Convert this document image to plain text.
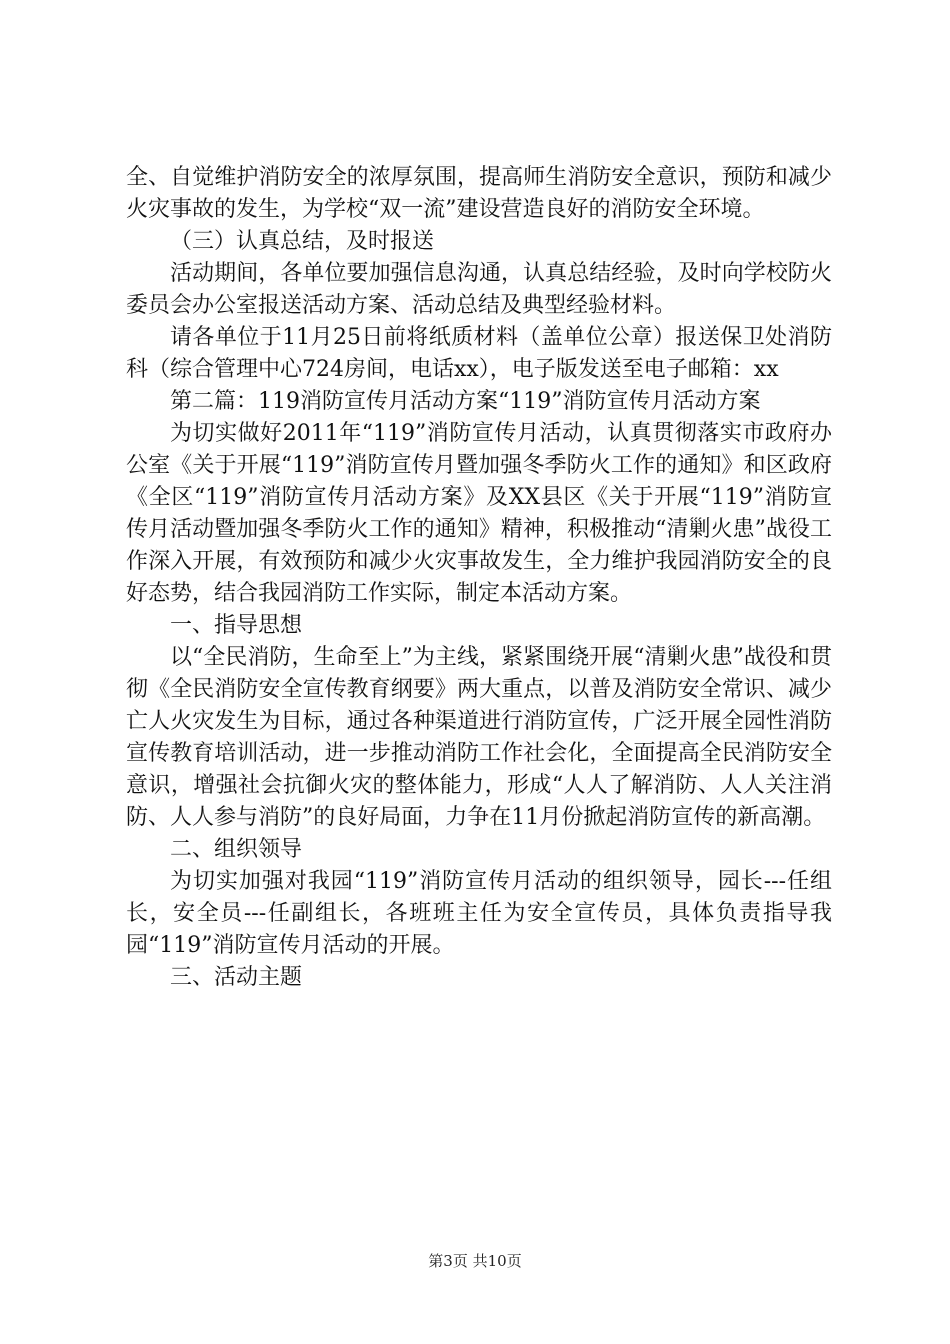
全、自觉维护消防安全的浓厚氛围，提高师生消防安全意识，预防和减少火灾事故的发生，为学校“双一流”建设营造良好的消防安全环境。

（三）认真总结，及时报送

活动期间，各单位要加强信息沟通，认真总结经验，及时向学校防火委员会办公室报送活动方案、活动总结及典型经验材料。

请各单位于11月25日前将纸质材料（盖单位公章）报送保卫处消防科（综合管理中心724房间，电话xx），电子版发送至电子邮箱：xx

第二篇：119消防宣传月活动方案“119”消防宣传月活动方案

为切实做好2011年“119”消防宣传月活动，认真贯彻落实市政府办公室《关于开展“119”消防宣传月暨加强冬季防火工作的通知》和区政府《全区“119”消防宣传月活动方案》及XX县区《关于开展“119”消防宣传月活动暨加强冬季防火工作的通知》精神，积极推动“清剿火患”战役工作深入开展，有效预防和减少火灾事故发生，全力维护我园消防安全的良好态势，结合我园消防工作实际，制定本活动方案。

一、指导思想

以“全民消防，生命至上”为主线，紧紧围绕开展“清剿火患”战役和贯彻《全民消防安全宣传教育纲要》两大重点，以普及消防安全常识、减少亡人火灾发生为目标，通过各种渠道进行消防宣传，广泛开展全园性消防宣传教育培训活动，进一步推动消防工作社会化，全面提高全民消防安全意识，增强社会抗御火灾的整体能力，形成“人人了解消防、人人关注消防、人人参与消防”的良好局面，力争在11月份掀起消防宣传的新高潮。

二、组织领导

为切实加强对我园“119”消防宣传月活动的组织领导，园长---任组长，安全员---任副组长，各班班主任为安全宣传员，具体负责指导我园“119”消防宣传月活动的开展。

三、活动主题

第3页 共10页
